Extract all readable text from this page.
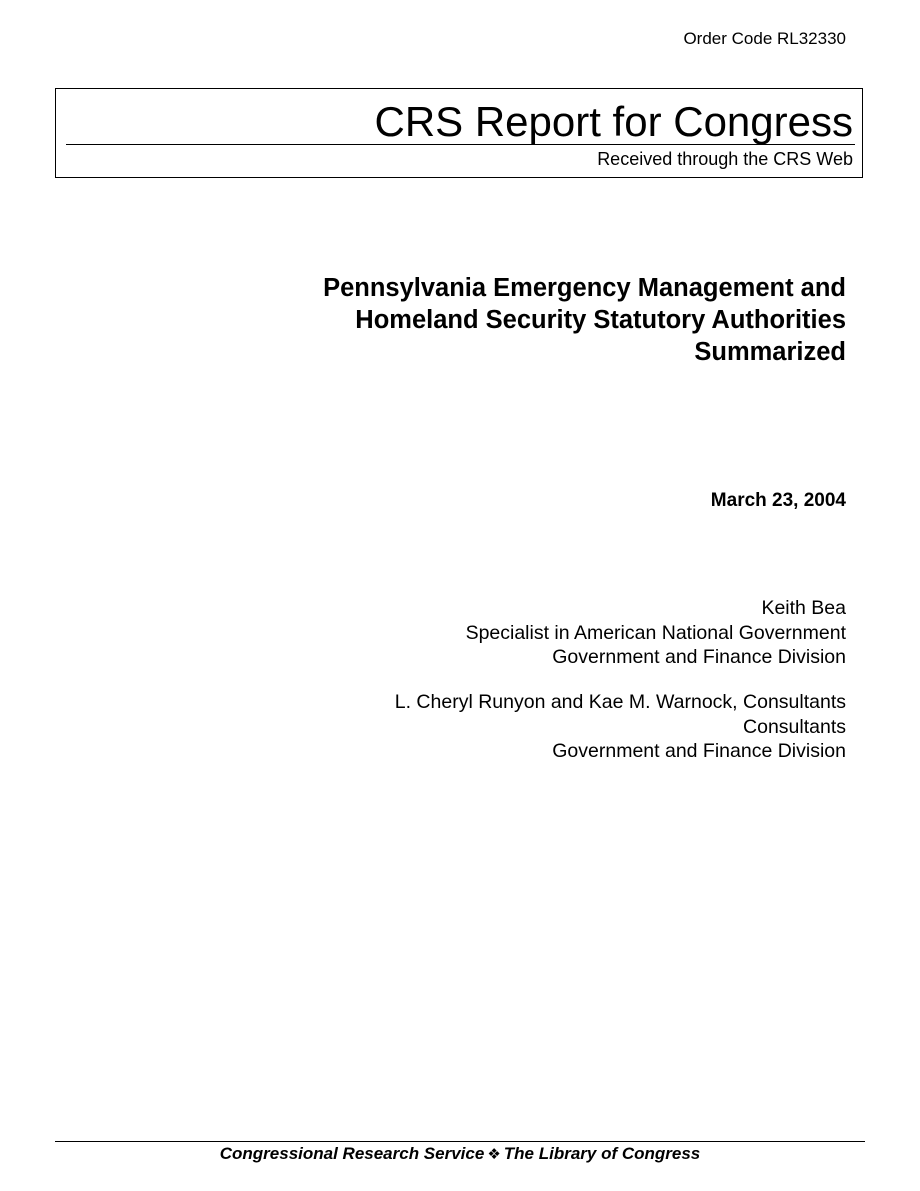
Order Code RL32330
CRS Report for Congress
Received through the CRS Web
Pennsylvania Emergency Management and
Homeland Security Statutory Authorities
Summarized
March 23, 2004
Keith Bea
Specialist in American National Government
Government and Finance Division
L. Cheryl Runyon and Kae M. Warnock, Consultants
Consultants
Government and Finance Division
Congressional Research Service ❖ The Library of Congress
